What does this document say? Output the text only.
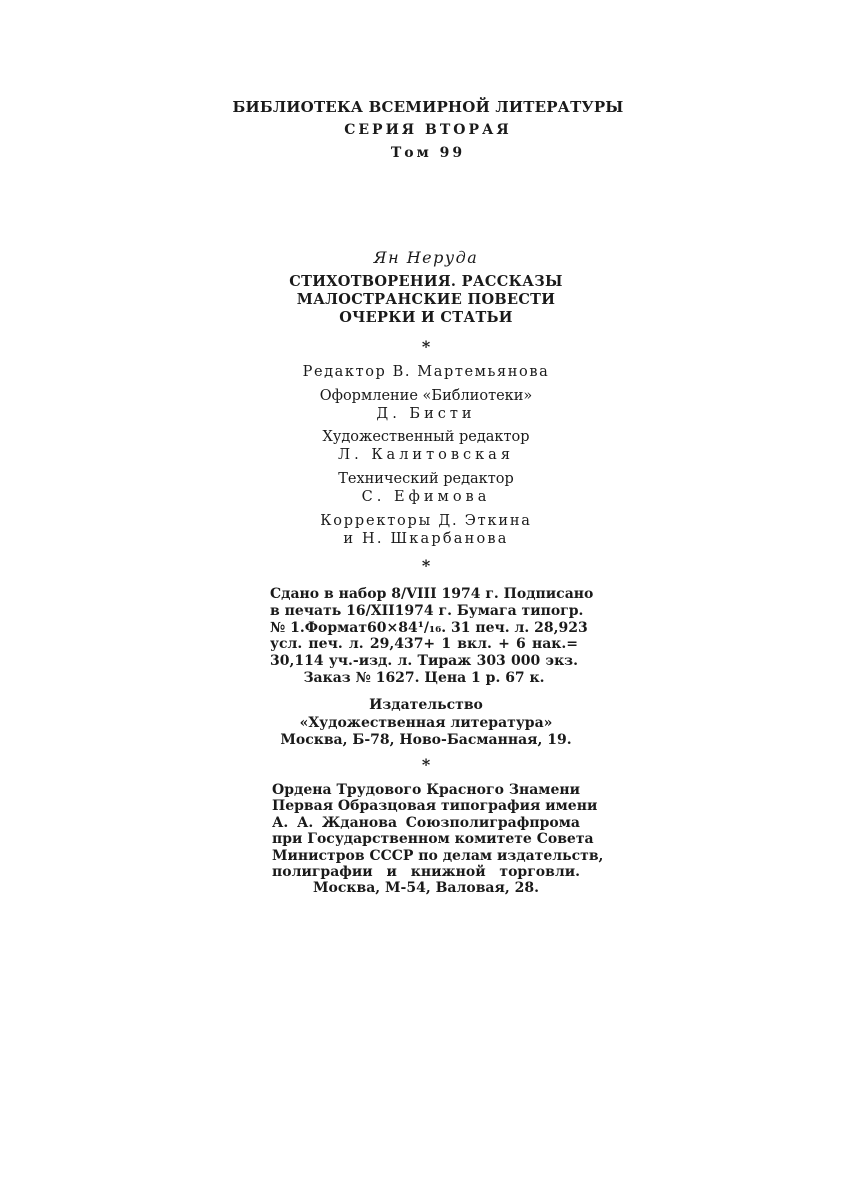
БИБЛИОТЕКА ВСЕМИРНОЙ ЛИТЕРАТУРЫ
СЕРИЯ ВТОРАЯ
Том 99
Ян Неруда
СТИХОТВОРЕНИЯ. РАССКАЗЫ
МАЛОСТРАНСКИЕ ПОВЕСТИ
ОЧЕРКИ И СТАТЬИ
*
Редактор В. Мартемьянова
Оформление «Библиотеки»
Д. Бисти
Художественный редактор
Л. Калитовская
Технический редактор
С. Ефимова
Корректоры Д. Эткина
и Н. Шкарбанова
*
Сдано в набор 8/VIII 1974 г. Подписано
в печать 16/XII1974 г. Бумага типогр.
№ 1.Формат60×84¹/₁₆. 31 печ. л. 28,923
усл. печ. л. 29,437+ 1 вкл. + 6 нак.=
30,114 уч.-изд. л. Тираж 303 000 экз.
Заказ № 1627. Цена 1 р. 67 к.
Издательство
«Художественная литература»
Москва, Б-78, Ново-Басманная, 19.
*
Ордена Трудового Красного Знамени
Первая Образцовая типография имени
А. А. Жданова Союзполиграфпрома
при Государственном комитете Совета
Министров СССР по делам издательств,
полиграфии и книжной торговли.
Москва, М-54, Валовая, 28.
